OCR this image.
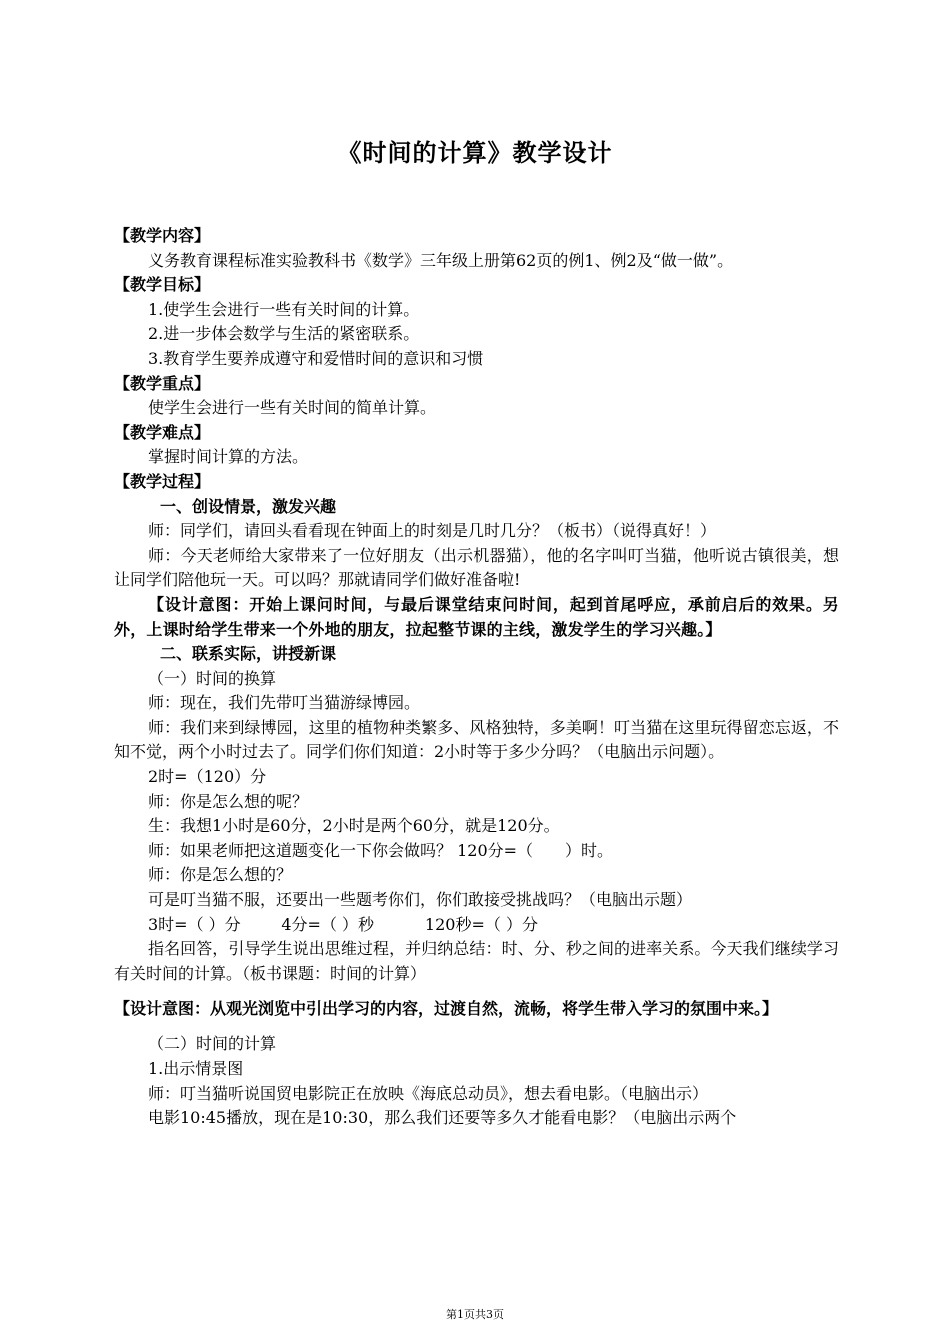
《时间的计算》教学设计

【教学内容】

义务教育课程标准实验教科书《数学》三年级上册第62页的例1、例2及“做一做”。

【教学目标】

1.使学生会进行一些有关时间的计算。

2.进一步体会数学与生活的紧密联系。

3.教育学生要养成遵守和爱惜时间的意识和习惯

【教学重点】

使学生会进行一些有关时间的简单计算。

【教学难点】

掌握时间计算的方法。

【教学过程】

一、创设情景，激发兴趣

师：同学们，请回头看看现在钟面上的时刻是几时几分？（板书）（说得真好！）

师：今天老师给大家带来了一位好朋友（出示机器猫），他的名字叫叮当猫，他听说古镇很美，想让同学们陪他玩一天。可以吗？那就请同学们做好准备啦!

【设计意图：开始上课问时间，与最后课堂结束问时间，起到首尾呼应，承前启后的效果。另外，上课时给学生带来一个外地的朋友，拉起整节课的主线，激发学生的学习兴趣。】

二、联系实际，讲授新课

（一）时间的换算

师：现在，我们先带叮当猫游绿博园。

师：我们来到绿博园，这里的植物种类繁多、风格独特，多美啊！叮当猫在这里玩得留恋忘返，不知不觉，两个小时过去了。同学们你们知道：2小时等于多少分吗？（电脑出示问题）。

2时=（120）分

师：你是怎么想的呢？

生：我想1小时是60分，2小时是两个60分，就是120分。

师：如果老师把这道题变化一下你会做吗？ 120分=（　　）时。

师：你是怎么想的？

可是叮当猫不服，还要出一些题考你们，你们敢接受挑战吗？（电脑出示题）

3时=（ ）分	4分=（ ）秒	120秒=（ ）分

指名回答，引导学生说出思维过程，并归纳总结：时、分、秒之间的进率关系。今天我们继续学习有关时间的计算。（板书课题：时间的计算）

【设计意图：从观光浏览中引出学习的内容，过渡自然，流畅，将学生带入学习的氛围中来。】

（二）时间的计算

1.出示情景图

师：叮当猫听说国贸电影院正在放映《海底总动员》，想去看电影。（电脑出示）

电影10:45播放，现在是10:30，那么我们还要等多久才能看电影？（电脑出示两个

第1页共3页
